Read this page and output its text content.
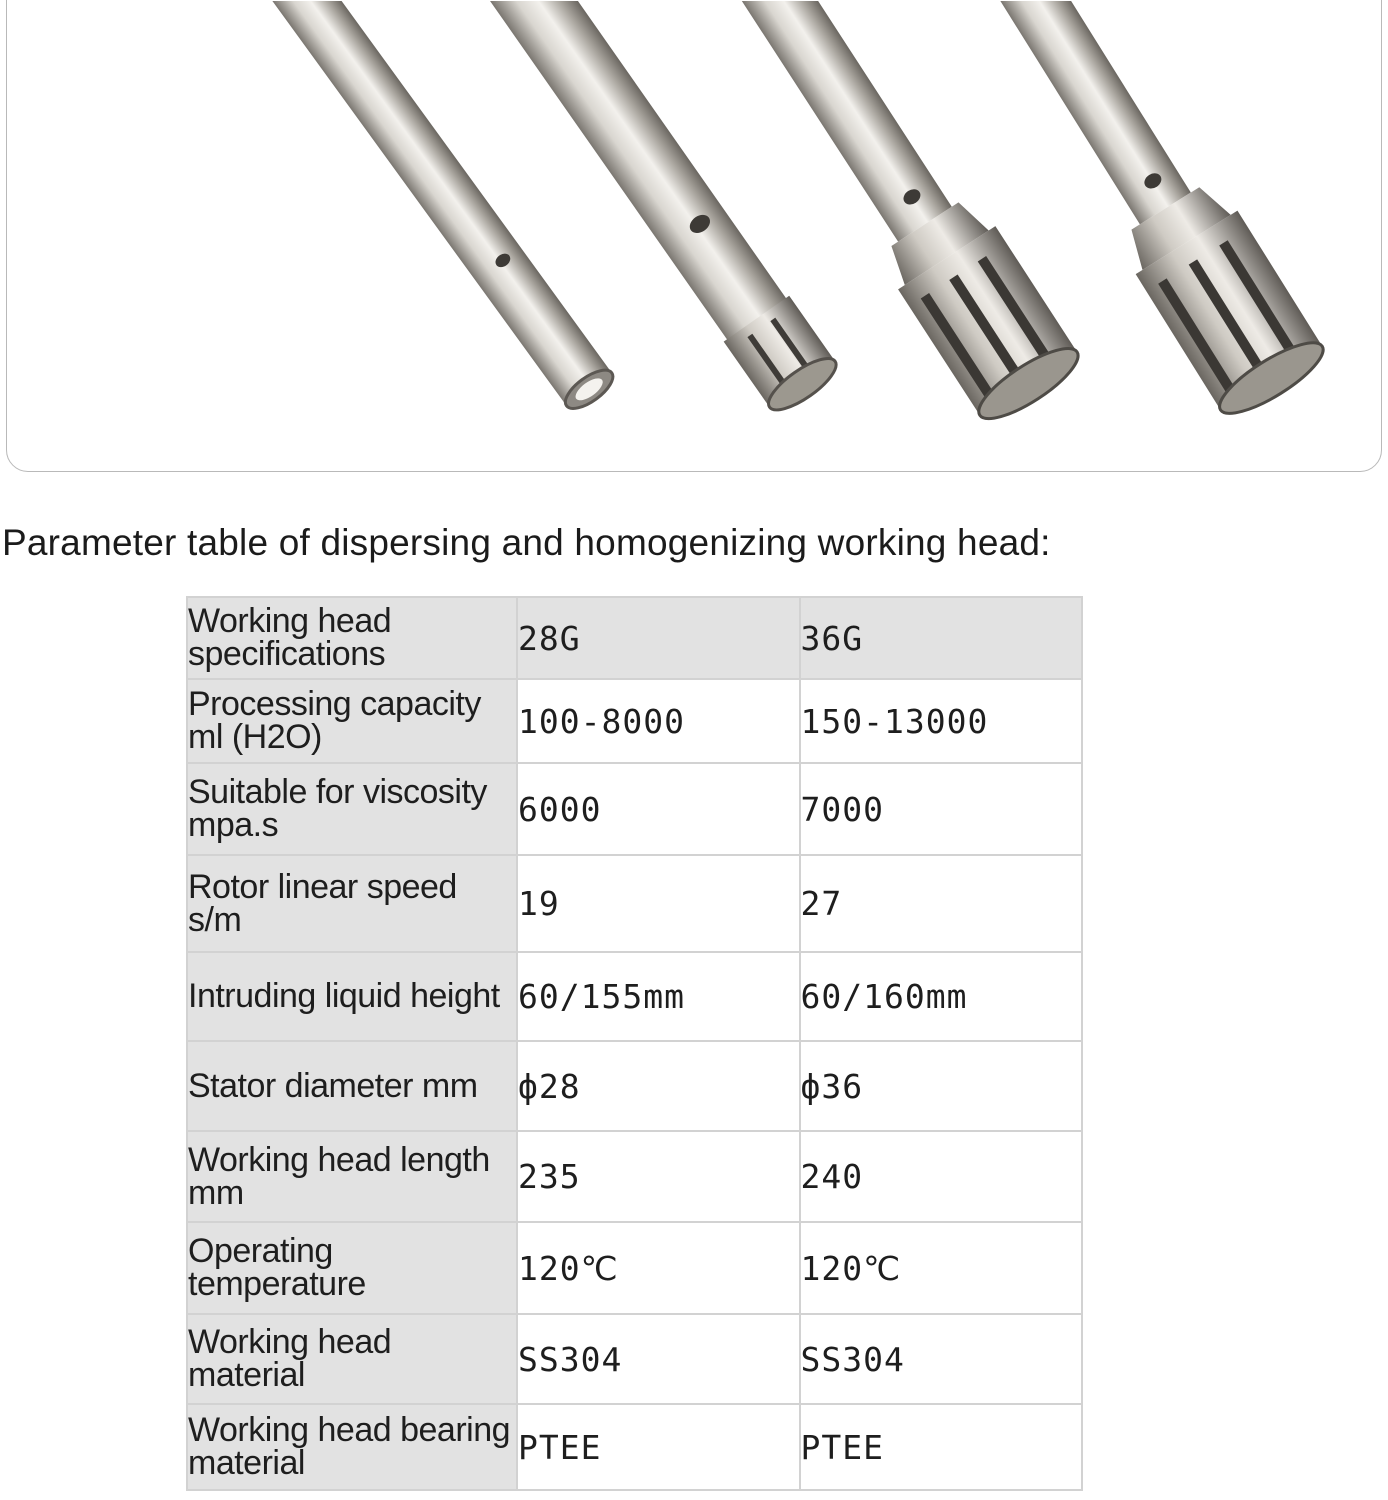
Parameter table of dispersing and homogenizing working head:
Working head specifications	28G	36G
Processing capacity ml (H2O)	100-8000	150-13000
Suitable for viscosity mpa.s	6000	7000
Rotor linear speed s/m	19	27
Intruding liquid height	60/155mm	60/160mm
Stator diameter mm	ф28	ф36
Working head length mm	235	240
Operating temperature	120℃	120℃
Working head material	SS304	SS304
Working head bearing material	PTEE	PTEE
